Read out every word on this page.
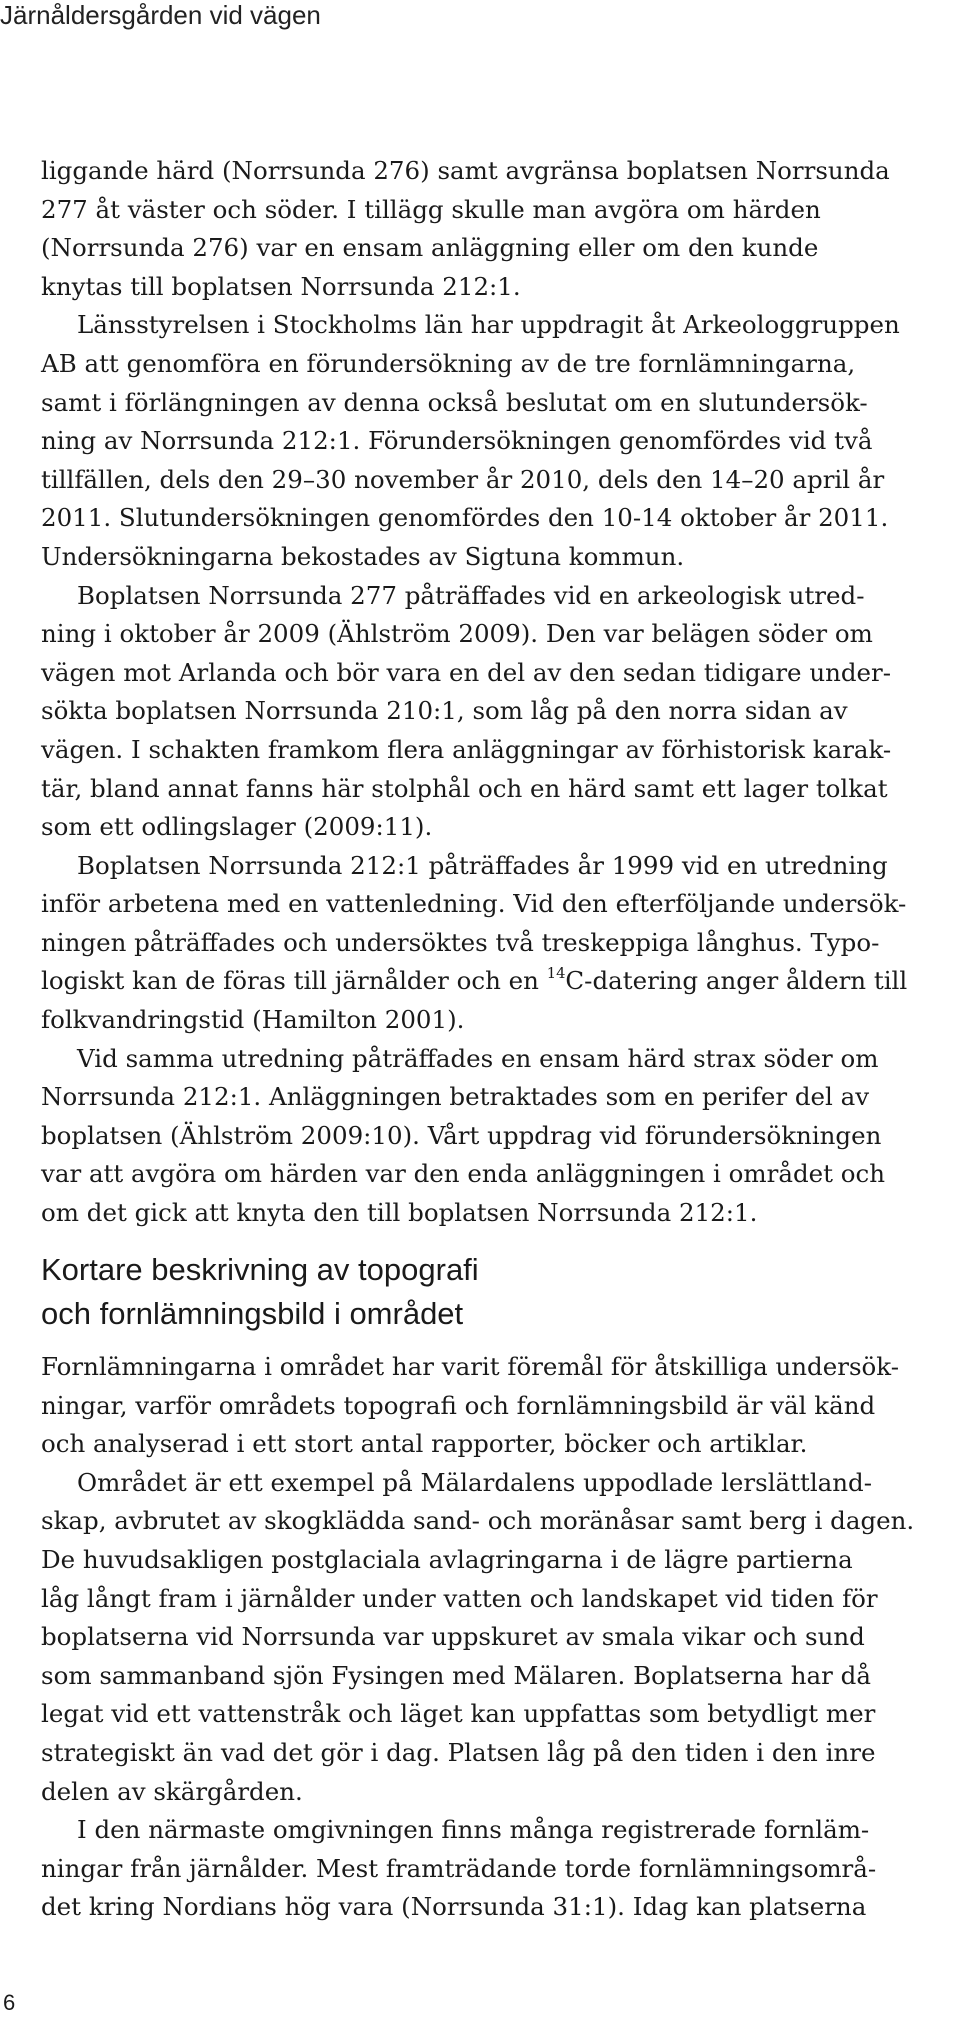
Järnåldersgården vid vägen
liggande härd (Norrsunda 276) samt avgränsa boplatsen Norrsunda
277 åt väster och söder. I tillägg skulle man avgöra om härden
(Norrsunda 276) var en ensam anläggning eller om den kunde
knytas till boplatsen Norrsunda 212:1.
Länsstyrelsen i Stockholms län har uppdragit åt Arkeologgruppen
AB att genomföra en förundersökning av de tre fornlämningarna,
samt i förlängningen av denna också beslutat om en slutundersök-
ning av Norrsunda 212:1. Förundersökningen genomfördes vid två
tillfällen, dels den 29–30 november år 2010, dels den 14–20 april år
2011. Slutundersökningen genomfördes den 10-14 oktober år 2011.
Undersökningarna bekostades av Sigtuna kommun.
Boplatsen Norrsunda 277 påträffades vid en arkeologisk utred-
ning i oktober år 2009 (Ählström 2009). Den var belägen söder om
vägen mot Arlanda och bör vara en del av den sedan tidigare under-
sökta boplatsen Norrsunda 210:1, som låg på den norra sidan av
vägen. I schakten framkom flera anläggningar av förhistorisk karak-
tär, bland annat fanns här stolphål och en härd samt ett lager tolkat
som ett odlingslager (2009:11).
Boplatsen Norrsunda 212:1 påträffades år 1999 vid en utredning
inför arbetena med en vattenledning. Vid den efterföljande undersök-
ningen påträffades och undersöktes två treskeppiga långhus. Typo-
logiskt kan de föras till järnålder och en $^{14}$C-datering anger åldern till
folkvandringstid (Hamilton 2001).
Vid samma utredning påträffades en ensam härd strax söder om
Norrsunda 212:1. Anläggningen betraktades som en perifer del av
boplatsen (Ählström 2009:10). Vårt uppdrag vid förundersökningen
var att avgöra om härden var den enda anläggningen i området och
om det gick att knyta den till boplatsen Norrsunda 212:1.
Kortare beskrivning av topografi
och fornlämningsbild i området
Fornlämningarna i området har varit föremål för åtskilliga undersök-
ningar, varför områdets topografi och fornlämningsbild är väl känd
och analyserad i ett stort antal rapporter, böcker och artiklar.
Området är ett exempel på Mälardalens uppodlade lerslättland-
skap, avbrutet av skogklädda sand- och moränåsar samt berg i dagen.
De huvudsakligen postglaciala avlagringarna i de lägre partierna
låg långt fram i järnålder under vatten och landskapet vid tiden för
boplatserna vid Norrsunda var uppskuret av smala vikar och sund
som sammanband sjön Fysingen med Mälaren. Boplatserna har då
legat vid ett vattenstråk och läget kan uppfattas som betydligt mer
strategiskt än vad det gör i dag. Platsen låg på den tiden i den inre
delen av skärgården.
I den närmaste omgivningen finns många registrerade fornläm-
ningar från järnålder. Mest framträdande torde fornlämningsområ-
det kring Nordians hög vara (Norrsunda 31:1). Idag kan platserna
6
